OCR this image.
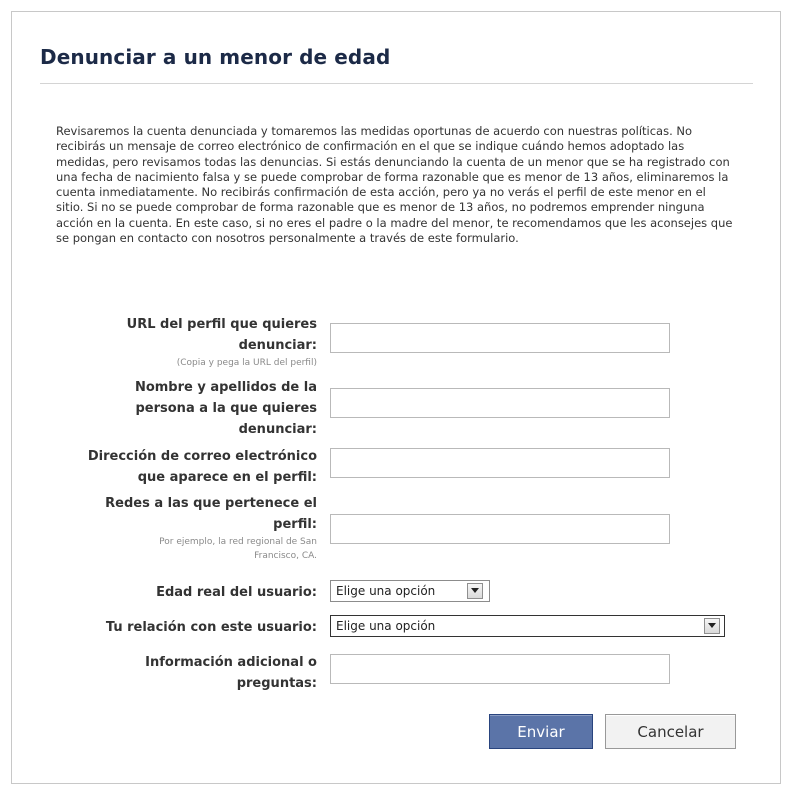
Denunciar a un menor de edad

Revisaremos la cuenta denunciada y tomaremos las medidas oportunas de acuerdo con nuestras políticas. No recibirás un mensaje de correo electrónico de confirmación en el que se indique cuándo hemos adoptado las medidas, pero revisamos todas las denuncias. Si estás denunciando la cuenta de un menor que se ha registrado con una fecha de nacimiento falsa y se puede comprobar de forma razonable que es menor de 13 años, eliminaremos la cuenta inmediatamente. No recibirás confirmación de esta acción, pero ya no verás el perfil de este menor en el sitio. Si no se puede comprobar de forma razonable que es menor de 13 años, no podremos emprender ninguna acción en la cuenta. En este caso, si no eres el padre o la madre del menor, te recomendamos que les aconsejes que se pongan en contacto con nosotros personalmente a través de este formulario.

URL del perfil que quieres
denunciar:
(Copia y pega la URL del perfil)
Nombre y apellidos de la
persona a la que quieres
denunciar:
Dirección de correo electrónico
que aparece en el perfil:
Redes a las que pertenece el
perfil:
Por ejemplo, la red regional de San
Francisco, CA.
Edad real del usuario:	Elige una opción
Tu relación con este usuario:	Elige una opción
Información adicional o
preguntas:
Enviar	Cancelar
